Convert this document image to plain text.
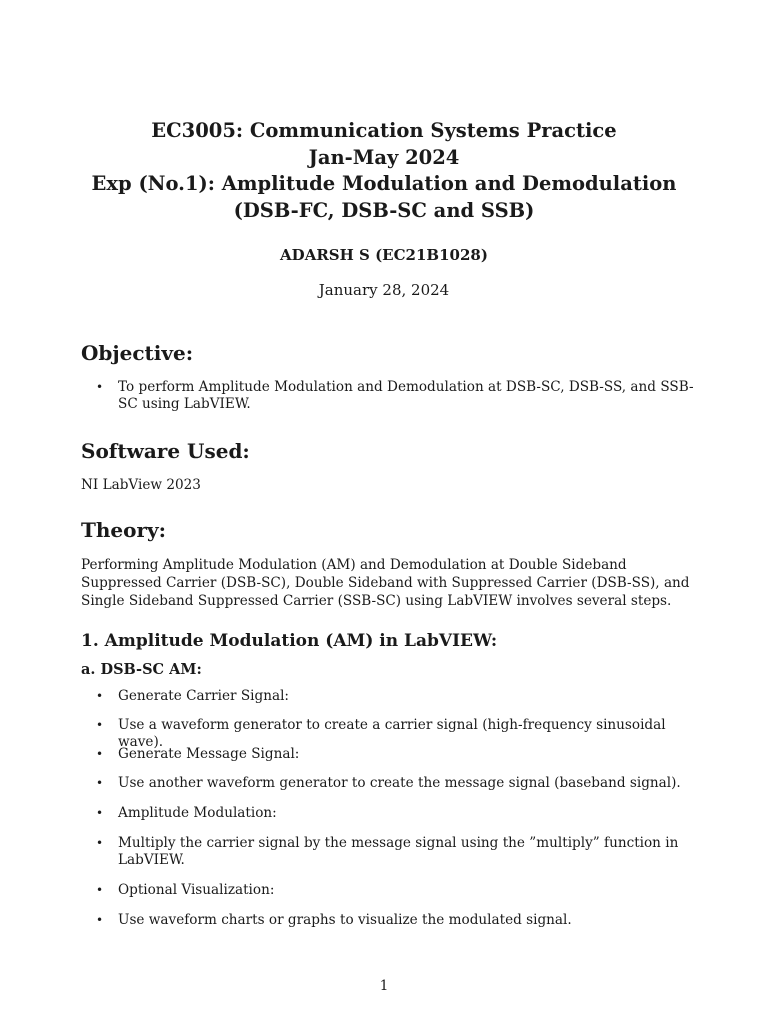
EC3005: Communication Systems Practice
Jan-May 2024
Exp (No.1): Amplitude Modulation and Demodulation
(DSB-FC, DSB-SC and SSB)
ADARSH S (EC21B1028)
January 28, 2024
Objective:
•	To perform Amplitude Modulation and Demodulation at DSB-SC, DSB-SS, and SSB-SC using LabVIEW.
Software Used:

NI LabView 2023

Theory:

Performing Amplitude Modulation (AM) and Demodulation at Double Sideband Suppressed Carrier (DSB-SC), Double Sideband with Suppressed Carrier (DSB-SS), and Single Sideband Suppressed Carrier (SSB-SC) using LabVIEW involves several steps.

1. Amplitude Modulation (AM) in LabVIEW:
a. DSB-SC AM:
•	Generate Carrier Signal:
•	Use a waveform generator to create a carrier signal (high-frequency sinusoidal wave).
•	Generate Message Signal:
•	Use another waveform generator to create the message signal (baseband signal).
•	Amplitude Modulation:
•	Multiply the carrier signal by the message signal using the ”multiply” function in LabVIEW.
•	Optional Visualization:
•	Use waveform charts or graphs to visualize the modulated signal.
1
